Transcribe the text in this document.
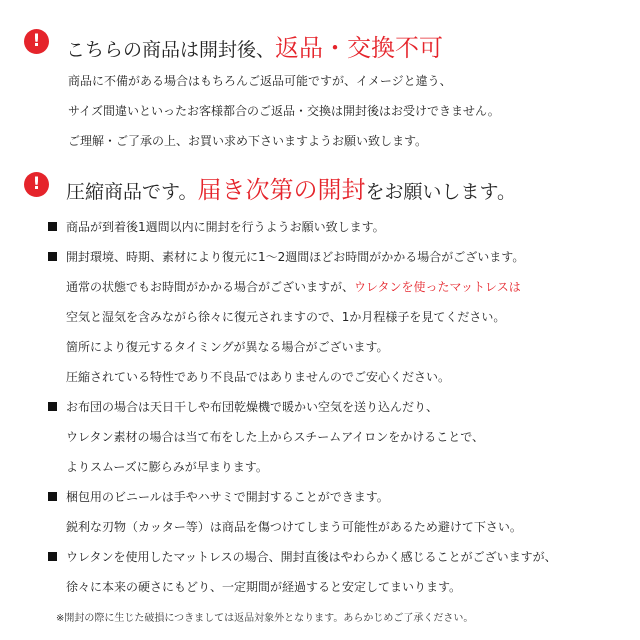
!	こちらの商品は開封後、返品・交換不可
商品に不備がある場合はもちろんご返品可能ですが、イメージと違う、
サイズ間違いといったお客様都合のご返品・交換は開封後はお受けできません。
ご理解・ご了承の上、お買い求め下さいますようお願い致します。
!	圧縮商品です。届き次第の開封をお願いします。
商品が到着後1週間以内に開封を行うようお願い致します。
開封環境、時期、素材により復元に1～2週間ほどお時間がかかる場合がございます。
通常の状態でもお時間がかかる場合がございますが、ウレタンを使ったマットレスは
空気と湿気を含みながら徐々に復元されますので、1か月程様子を見てください。
箇所により復元するタイミングが異なる場合がございます。
圧縮されている特性であり不良品ではありませんのでご安心ください。
お布団の場合は天日干しや布団乾燥機で暖かい空気を送り込んだり、
ウレタン素材の場合は当て布をした上からスチームアイロンをかけることで、
よりスムーズに膨らみが早まります。
梱包用のビニールは手やハサミで開封することができます。
鋭利な刃物（カッター等）は商品を傷つけてしまう可能性があるため避けて下さい。
ウレタンを使用したマットレスの場合、開封直後はやわらかく感じることがございますが、
徐々に本来の硬さにもどり、一定期間が経過すると安定してまいります。
※開封の際に生じた破損につきましては返品対象外となります。あらかじめご了承ください。
